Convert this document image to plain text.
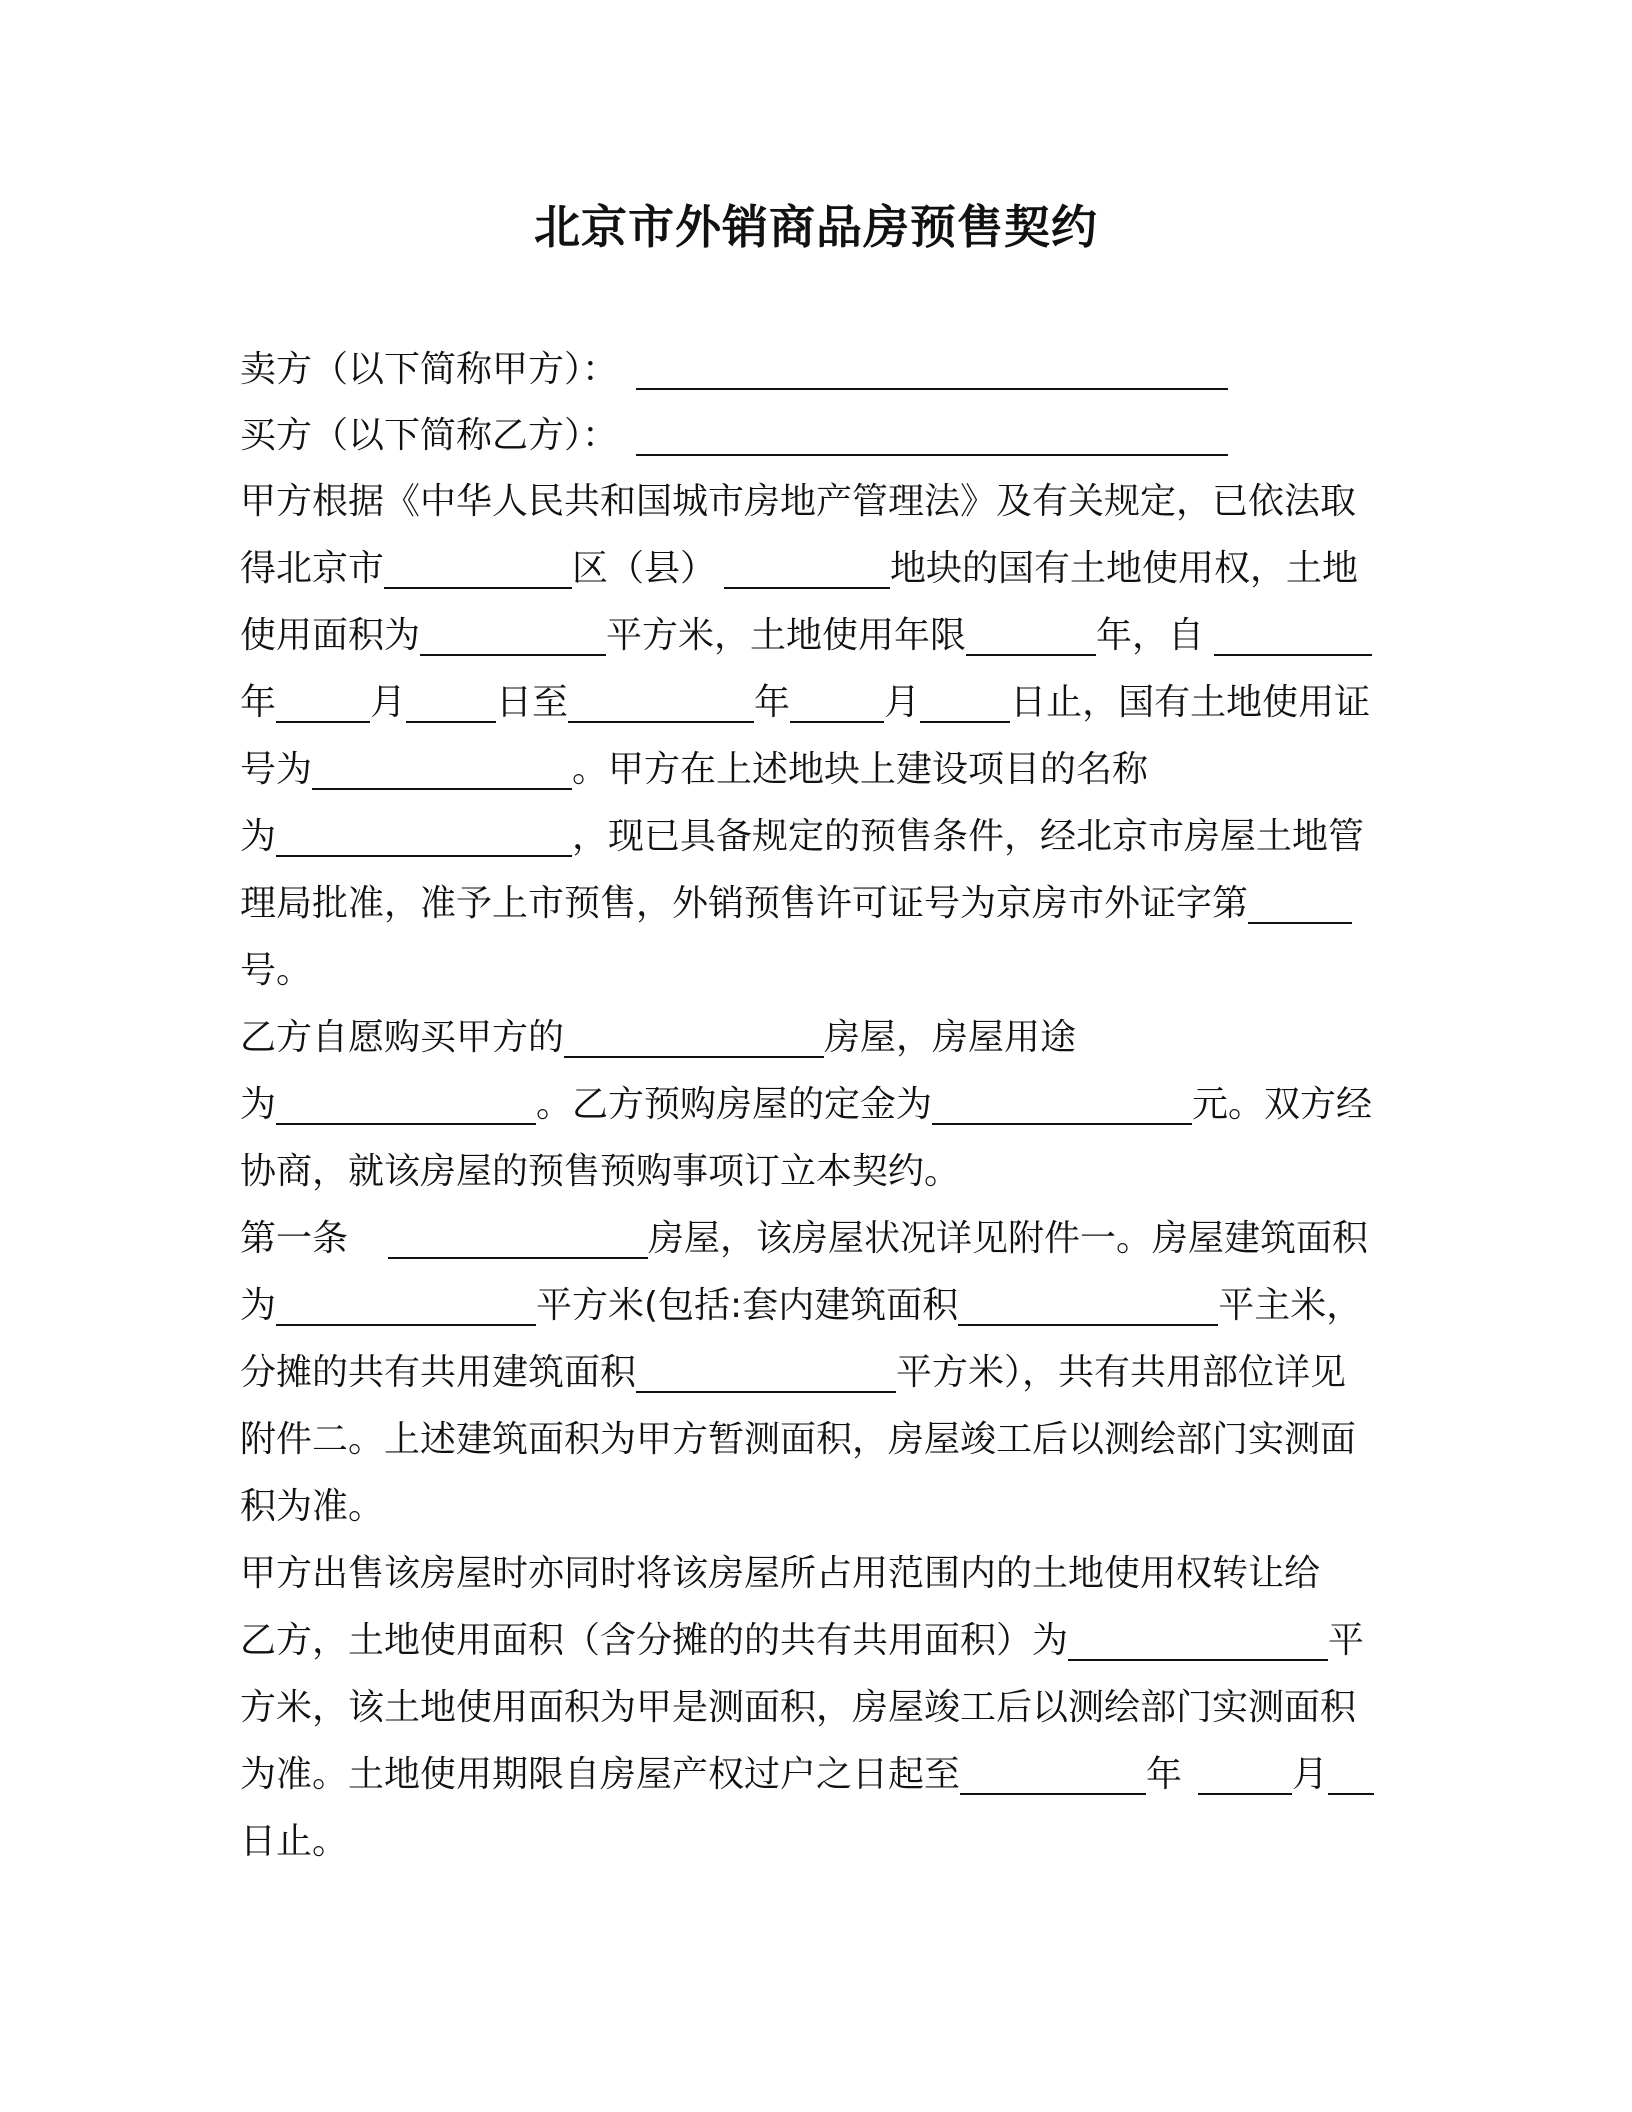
北京市外销商品房预售契约
卖方（以下简称甲方）：
买方（以下简称乙方）：
甲方根据《中华人民共和国城市房地产管理法》及有关规定，已依法取
得北京市	区（县）	地块的国有土地使用权，土地
使用面积为	平方米，土地使用年限	年，自
年	月	日至	年	月	日止，国有土地使用证
号为	。甲方在上述地块上建设项目的名称
为	，现已具备规定的预售条件，经北京市房屋土地管
理局批准，准予上市预售，外销预售许可证号为京房市外证字第
号。
乙方自愿购买甲方的	房屋，房屋用途
为	。乙方预购房屋的定金为	元。双方经
协商，就该房屋的预售预购事项订立本契约。
第一条	房屋，该房屋状况详见附件一。房屋建筑面积
为	平方米(包括:套内建筑面积	平主米，
分摊的共有共用建筑面积	平方米），共有共用部位详见
附件二。上述建筑面积为甲方暂测面积，房屋竣工后以测绘部门实测面
积为准。
甲方出售该房屋时亦同时将该房屋所占用范围内的土地使用权转让给
乙方，土地使用面积（含分摊的的共有共用面积）为	平
方米，该土地使用面积为甲是测面积，房屋竣工后以测绘部门实测面积
为准。土地使用期限自房屋产权过户之日起至	年	月
日止。
